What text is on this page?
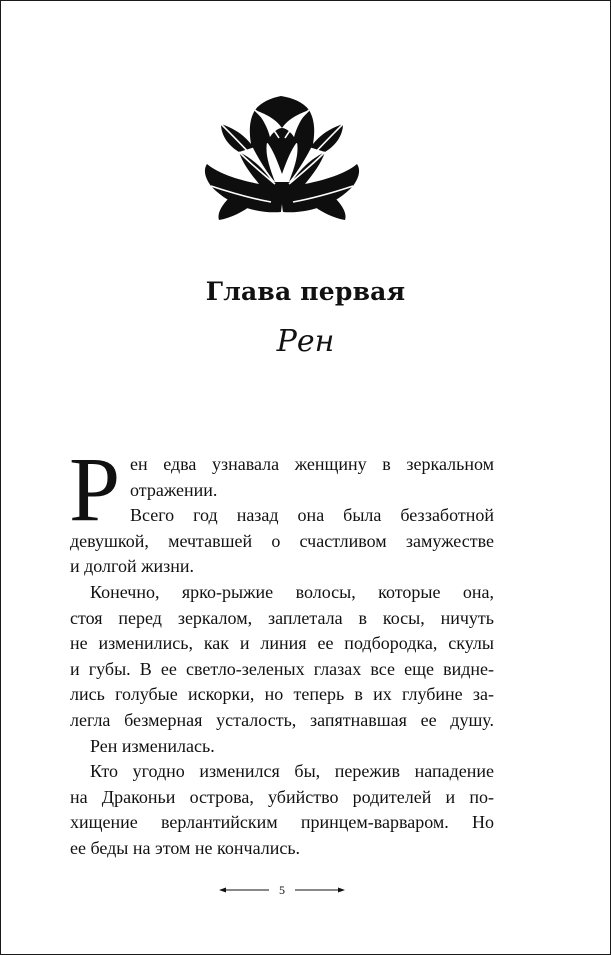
Глава первая
Рен
Р ен едва узнавала женщину в зеркальном
отражении.
Всего год назад она была беззаботной
девушкой, мечтавшей о счастливом замужестве
и долгой жизни.
Конечно, ярко-рыжие волосы, которые она,
стоя перед зеркалом, заплетала в косы, ничуть
не изменились, как и линия ее подбородка, скулы
и губы. В ее светло-зеленых глазах все еще видне-
лись голубые искорки, но теперь в их глубине за-
легла безмерная усталость, запятнавшая ее душу.
Рен изменилась.
Кто угодно изменился бы, пережив нападение
на Драконьи острова, убийство родителей и по-
хищение верлантийским принцем-варваром. Но
ее беды на этом не кончались.
5
